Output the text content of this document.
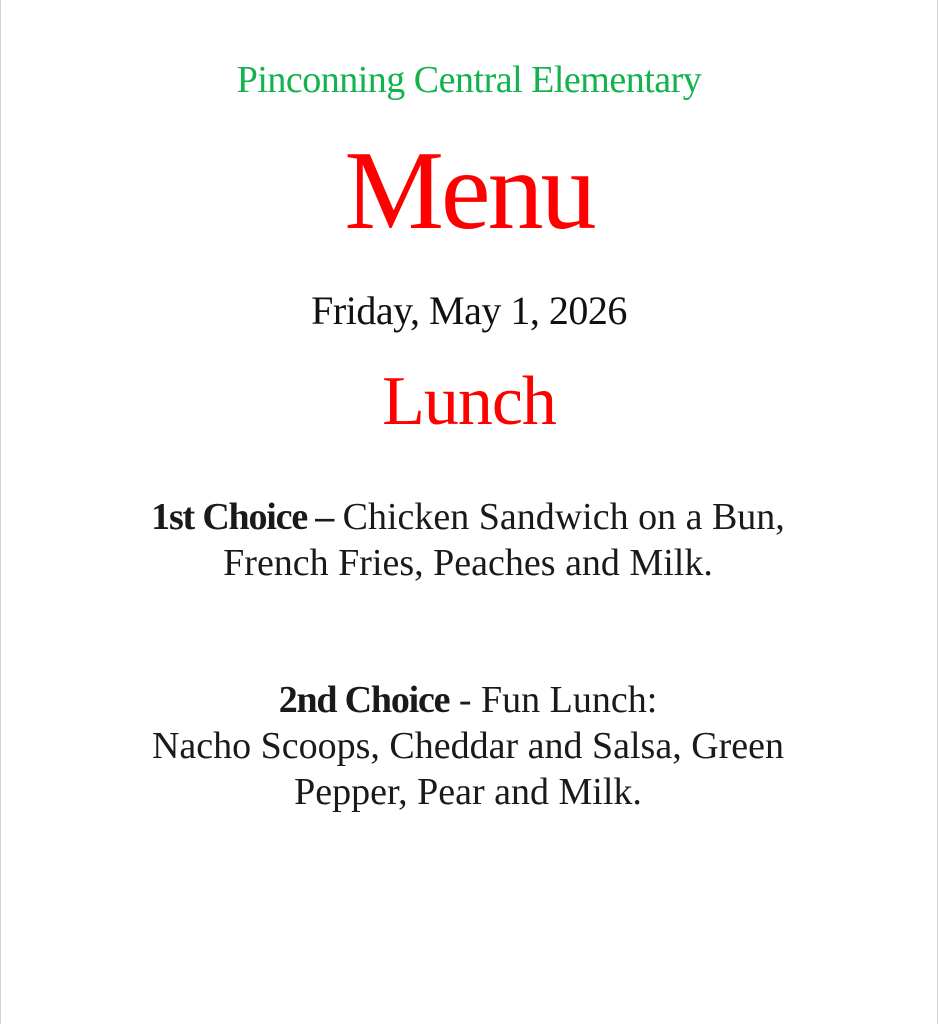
Pinconning Central Elementary
Menu
Friday, May 1, 2026
Lunch
1st Choice – Chicken Sandwich on a Bun,
French Fries, Peaches and Milk.
2nd Choice - Fun Lunch:
Nacho Scoops, Cheddar and Salsa, Green
Pepper, Pear and Milk.
